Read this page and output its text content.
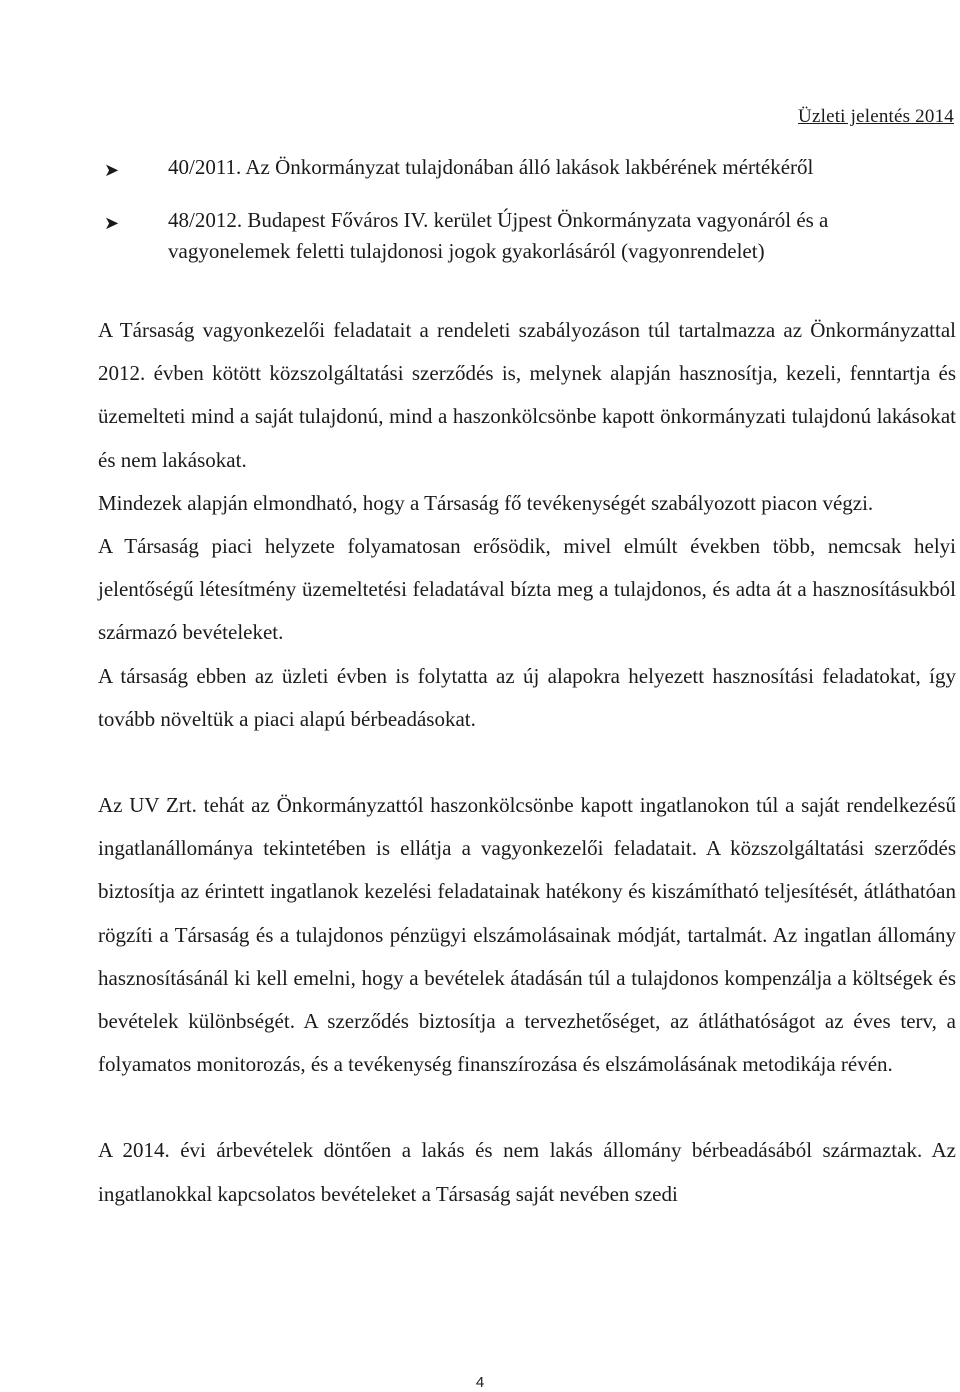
Üzleti jelentés 2014
➤ 40/2011. Az Önkormányzat tulajdonában álló lakások lakbérének mértékéről
➤ 48/2012. Budapest Főváros IV. kerület Újpest Önkormányzata vagyonáról és a vagyonelemek feletti tulajdonosi jogok gyakorlásáról (vagyonrendelet)

A Társaság vagyonkezelői feladatait a rendeleti szabályozáson túl tartalmazza az Önkormányzattal 2012. évben kötött közszolgáltatási szerződés is, melynek alapján hasznosítja, kezeli, fenntartja és üzemelteti mind a saját tulajdonú, mind a haszonkölcsönbe kapott önkormányzati tulajdonú lakásokat és nem lakásokat.

Mindezek alapján elmondható, hogy a Társaság fő tevékenységét szabályozott piacon végzi.

A Társaság piaci helyzete folyamatosan erősödik, mivel elmúlt években több, nemcsak helyi jelentőségű létesítmény üzemeltetési feladatával bízta meg a tulajdonos, és adta át a hasznosításukból származó bevételeket.

A társaság ebben az üzleti évben is folytatta az új alapokra helyezett hasznosítási feladatokat, így tovább növeltük a piaci alapú bérbeadásokat.

Az UV Zrt. tehát az Önkormányzattól haszonkölcsönbe kapott ingatlanokon túl a saját rendelkezésű ingatlanállománya tekintetében is ellátja a vagyonkezelői feladatait. A közszolgáltatási szerződés biztosítja az érintett ingatlanok kezelési feladatainak hatékony és kiszámítható teljesítését, átláthatóan rögzíti a Társaság és a tulajdonos pénzügyi elszámolásainak módját, tartalmát. Az ingatlan állomány hasznosításánál ki kell emelni, hogy a bevételek átadásán túl a tulajdonos kompenzálja a költségek és bevételek különbségét. A szerződés biztosítja a tervezhetőséget, az átláthatóságot az éves terv, a folyamatos monitorozás, és a tevékenység finanszírozása és elszámolásának metodikája révén.

A 2014. évi árbevételek döntően a lakás és nem lakás állomány bérbeadásából származtak. Az ingatlanokkal kapcsolatos bevételeket a Társaság saját nevében szedi

4
